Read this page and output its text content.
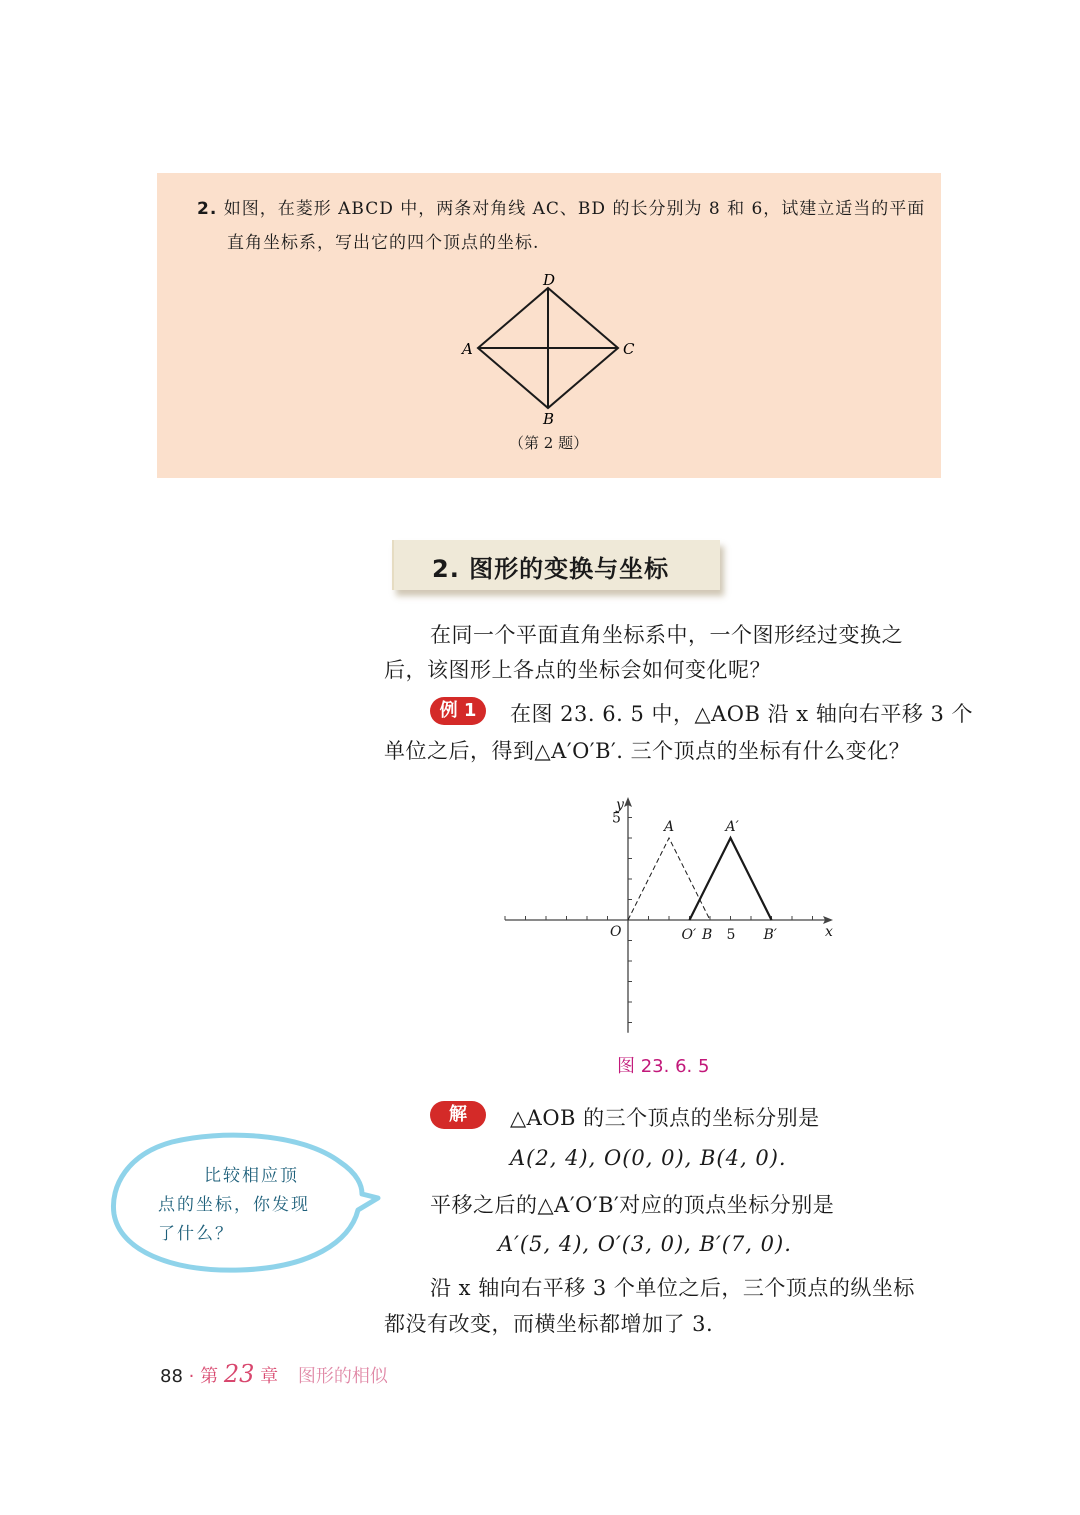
2. 如图，在菱形 ABCD 中，两条对角线 AC、BD 的长分别为 8 和 6，试建立适当的平面
直角坐标系，写出它的四个顶点的坐标.
A	C
D
B
（第 2 题）
2. 图形的变换与坐标
在同一个平面直角坐标系中，一个图形经过变换之
后，该图形上各点的坐标会如何变化呢？
例 1	在图 23. 6. 5 中，△AOB 沿 x 轴向右平移 3 个
单位之后，得到△A′O′B′. 三个顶点的坐标有什么变化？
x
y
5
5
O
A
B
O′
A′
B′
图 23. 6. 5
解	△AOB 的三个顶点的坐标分别是
A(2, 4), O(0, 0), B(4, 0).
平移之后的△A′O′B′对应的顶点坐标分别是
A′(5, 4), O′(3, 0), B′(7, 0).
沿 x 轴向右平移 3 个单位之后，三个顶点的纵坐标
都没有改变，而横坐标都增加了 3.
比较相应顶
点的坐标，你发现
了什么？
88 · 第 23 章 图形的相似
